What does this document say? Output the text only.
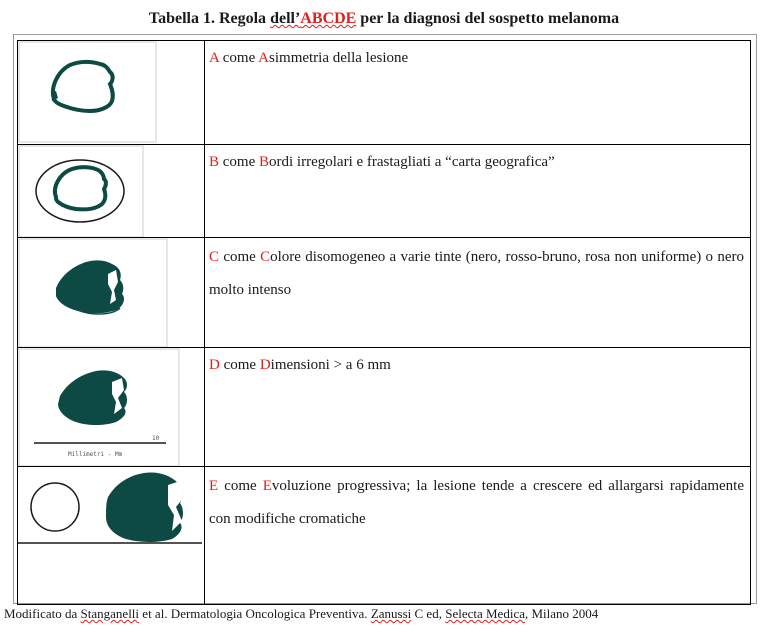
Tabella 1. Regola dell’ABCDE per la diagnosi del sospetto melanoma
A come Asimmetria della lesione
B come Bordi irregolari e frastagliati a “carta geografica”
C come Colore disomogeneo a varie tinte (nero, rosso-bruno, rosa non uniforme) o nero molto intenso
Millimetri - Mm
10
D come Dimensioni > a 6 mm
E come Evoluzione progressiva; la lesione tende a crescere ed allargarsi rapidamente con modifiche cromatiche
Modificato da Stanganelli et al. Dermatologia Oncologica Preventiva. Zanussi C ed, Selecta Medica, Milano 2004
